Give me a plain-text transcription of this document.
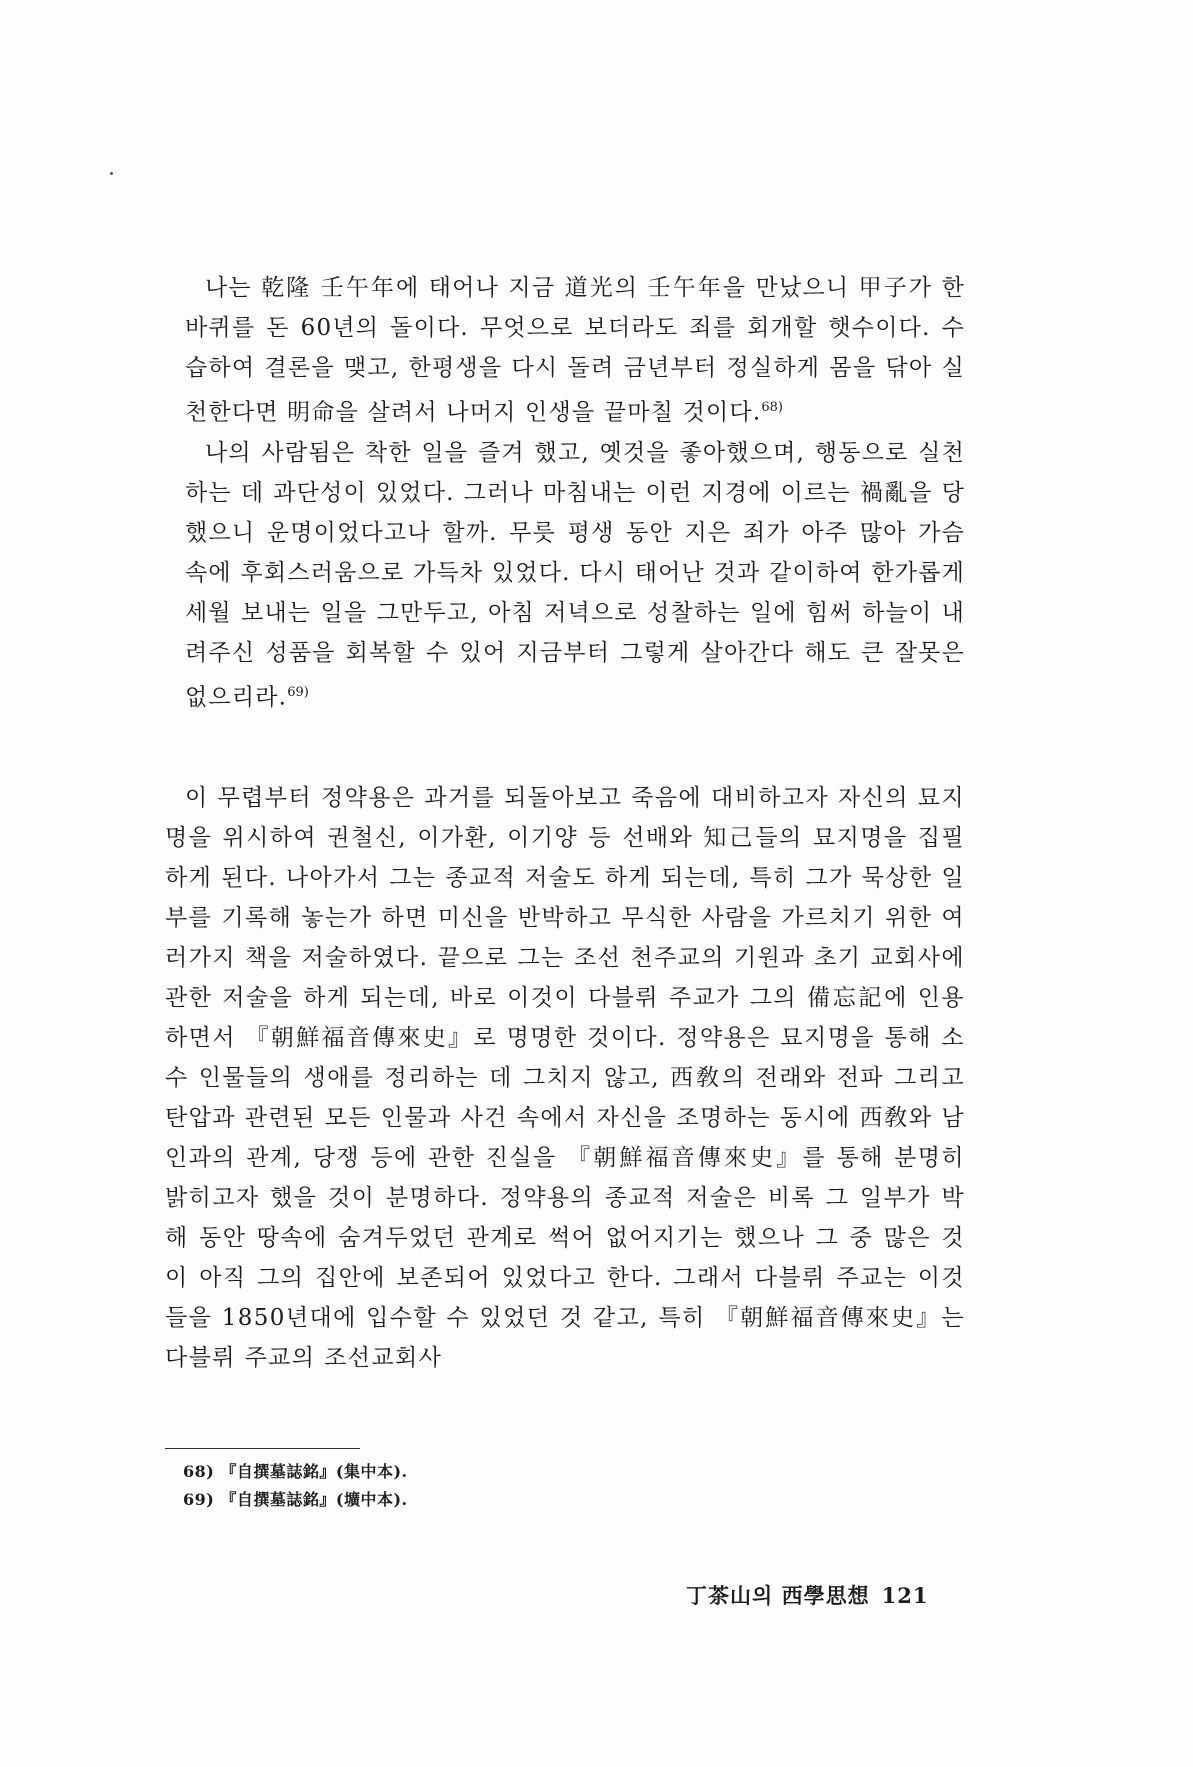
나는 乾隆 壬午年에 태어나 지금 道光의 壬午年을 만났으니 甲子가 한바퀴를 돈 60년의 돌이다. 무엇으로 보더라도 죄를 회개할 햇수이다. 수습하여 결론을 맺고, 한평생을 다시 돌려 금년부터 정실하게 몸을 닦아 실천한다면 明命을 살려서 나머지 인생을 끝마칠 것이다.$^{68)}$

나의 사람됨은 착한 일을 즐겨 했고, 옛것을 좋아했으며, 행동으로 실천하는 데 과단성이 있었다. 그러나 마침내는 이런 지경에 이르는 禍亂을 당했으니 운명이었다고나 할까. 무릇 평생 동안 지은 죄가 아주 많아 가슴 속에 후회스러움으로 가득차 있었다. 다시 태어난 것과 같이하여 한가롭게 세월 보내는 일을 그만두고, 아침 저녁으로 성찰하는 일에 힘써 하늘이 내려주신 성품을 회복할 수 있어 지금부터 그렇게 살아간다 해도 큰 잘못은 없으리라.$^{69)}$

이 무렵부터 정약용은 과거를 되돌아보고 죽음에 대비하고자 자신의 묘지명을 위시하여 권철신, 이가환, 이기양 등 선배와 知己들의 묘지명을 집필하게 된다. 나아가서 그는 종교적 저술도 하게 되는데, 특히 그가 묵상한 일부를 기록해 놓는가 하면 미신을 반박하고 무식한 사람을 가르치기 위한 여러가지 책을 저술하였다. 끝으로 그는 조선 천주교의 기원과 초기 교회사에 관한 저술을 하게 되는데, 바로 이것이 다블뤼 주교가 그의 備忘記에 인용하면서 『朝鮮福音傳來史』로 명명한 것이다. 정약용은 묘지명을 통해 소수 인물들의 생애를 정리하는 데 그치지 않고, 西敎의 전래와 전파 그리고 탄압과 관련된 모든 인물과 사건 속에서 자신을 조명하는 동시에 西敎와 남인과의 관계, 당쟁 등에 관한 진실을 『朝鮮福音傳來史』를 통해 분명히 밝히고자 했을 것이 분명하다. 정약용의 종교적 저술은 비록 그 일부가 박해 동안 땅속에 숨겨두었던 관계로 썩어 없어지기는 했으나 그 중 많은 것이 아직 그의 집안에 보존되어 있었다고 한다. 그래서 다블뤼 주교는 이것들을 1850년대에 입수할 수 있었던 것 같고, 특히 『朝鮮福音傳來史』는 다블뤼 주교의 조선교회사

68) 『自撰墓誌銘』(集中本).
69) 『自撰墓誌銘』(壙中本).
丁茶山의 西學思想 121
